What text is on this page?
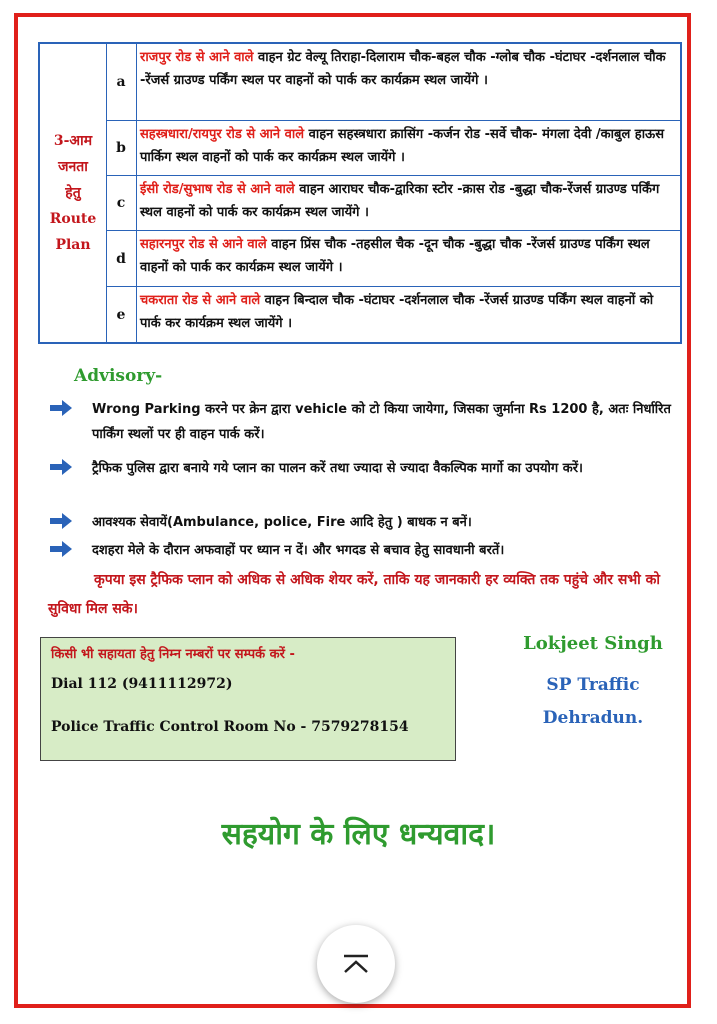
3-आम
जनता
हेतु
Route
Plan
a
राजपुर रोड से आने वाले वाहन ग्रेट वेल्यू तिराहा-दिलाराम चौक-बहल चौक -ग्लोब चौक -घंटाघर -दर्शनलाल चौक -रेंजर्स ग्राउण्ड पर्किंग स्थल पर वाहनों को पार्क कर कार्यक्रम स्थल जायेंगे ।
b
सहस्त्रधारा/रायपुर रोड से आने वाले वाहन सहस्त्रधारा क्रासिंग -कर्जन रोड -सर्वे चौक- मंगला देवी /काबुल हाऊस पार्किग स्थल वाहनों को पार्क कर कार्यक्रम स्थल जायेंगे ।
c
ईसी रोड/सुभाष रोड से आने वाले वाहन आराघर चौक-द्वारिका स्टोर -क्रास रोड -बुद्धा चौक-रेंजर्स ग्राउण्ड पर्किंग स्थल वाहनों को पार्क कर कार्यक्रम स्थल जायेंगे ।
d
सहारनपुर रोड से आने वाले वाहन प्रिंस चौक -तहसील चैक -दून चौक -बुद्धा चौक -रेंजर्स ग्राउण्ड पर्किंग स्थल वाहनों को पार्क कर कार्यक्रम स्थल जायेंगे ।
e
चकराता रोड से आने वाले वाहन बिन्दाल चौक -घंटाघर -दर्शनलाल चौक -रेंजर्स ग्राउण्ड पर्किंग स्थल वाहनों को पार्क कर कार्यक्रम स्थल जायेंगे ।
Advisory-
Wrong Parking करने पर क्रेन द्वारा vehicle को टो किया जायेगा, जिसका जुर्माना Rs 1200 है, अतः निर्धारित पार्किंग स्थलों पर ही वाहन पार्क करें।
ट्रैफिक पुलिस द्वारा बनाये गये प्लान का पालन करें तथा ज्यादा से ज्यादा वैकल्पिक मार्गो का उपयोग करें।
आवश्यक सेवायें(Ambulance, police, Fire आदि हेतु ) बाधक न बनें।
दशहरा मेले के दौरान अफवाहों पर ध्यान न दें। और भगदड से बचाव हेतु सावधानी बरतें।
कृपया इस ट्रैफिक प्लान को अधिक से अधिक शेयर करें, ताकि यह जानकारी हर व्यक्ति तक पहुंचे और सभी को सुविधा मिल सके।
किसी भी सहायता हेतु निम्न नम्बरों पर सम्पर्क करें -
Dial 112 (9411112972)
Police Traffic Control Room No - 7579278154
Lokjeet Singh
SP Traffic
Dehradun.
सहयोग के लिए धन्यवाद।
